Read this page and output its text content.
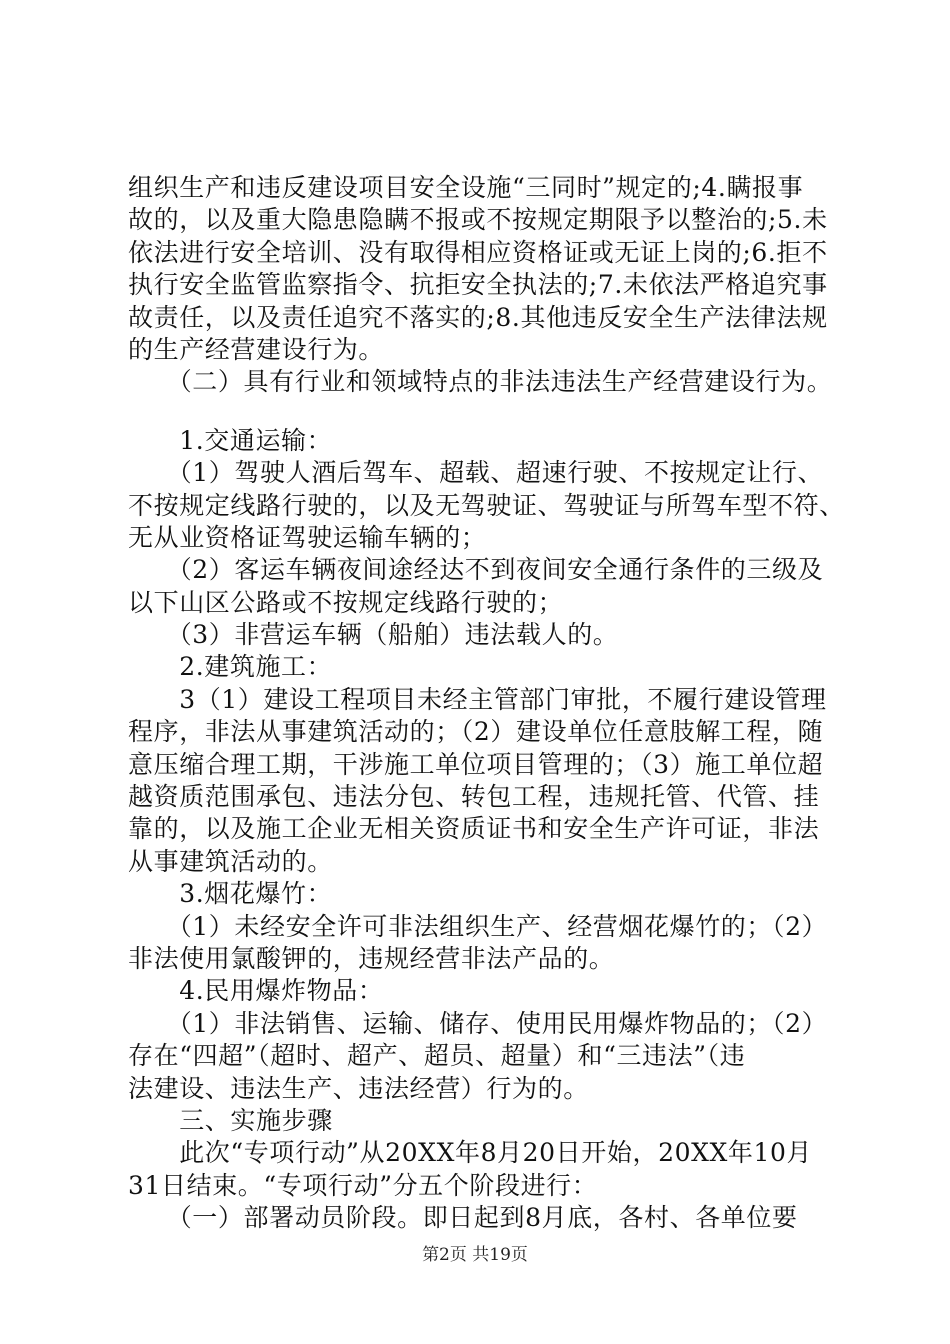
组织生产和违反建设项目安全设施“三同时”规定的;4.瞒报事
故的，以及重大隐患隐瞒不报或不按规定期限予以整治的;5.未
依法进行安全培训、没有取得相应资格证或无证上岗的;6.拒不
执行安全监管监察指令、抗拒安全执法的;7.未依法严格追究事
故责任，以及责任追究不落实的;8.其他违反安全生产法律法规
的生产经营建设行为。
　　（二）具有行业和领域特点的非法违法生产经营建设行为。
　　1.交通运输：
　　（1）驾驶人酒后驾车、超载、超速行驶、不按规定让行、
不按规定线路行驶的，以及无驾驶证、驾驶证与所驾车型不符、
无从业资格证驾驶运输车辆的；
　　（2）客运车辆夜间途经达不到夜间安全通行条件的三级及
以下山区公路或不按规定线路行驶的；
　　（3）非营运车辆（船舶）违法载人的。
　　2.建筑施工：
　　3（1）建设工程项目未经主管部门审批，不履行建设管理
程序，非法从事建筑活动的；（2）建设单位任意肢解工程，随
意压缩合理工期，干涉施工单位项目管理的；（3）施工单位超
越资质范围承包、违法分包、转包工程，违规托管、代管、挂
靠的，以及施工企业无相关资质证书和安全生产许可证，非法
从事建筑活动的。
　　3.烟花爆竹：
　　（1）未经安全许可非法组织生产、经营烟花爆竹的；（2）
非法使用氯酸钾的，违规经营非法产品的。
　　4.民用爆炸物品：
　　（1）非法销售、运输、储存、使用民用爆炸物品的；（2）
存在“四超”（超时、超产、超员、超量）和“三违法”（违
法建设、违法生产、违法经营）行为的。
　　三、实施步骤
　　此次“专项行动”从20XX年8月20日开始，20XX年10月
31日结束。“专项行动”分五个阶段进行：
　　（一）部署动员阶段。即日起到8月底，各村、各单位要
第2页 共19页
